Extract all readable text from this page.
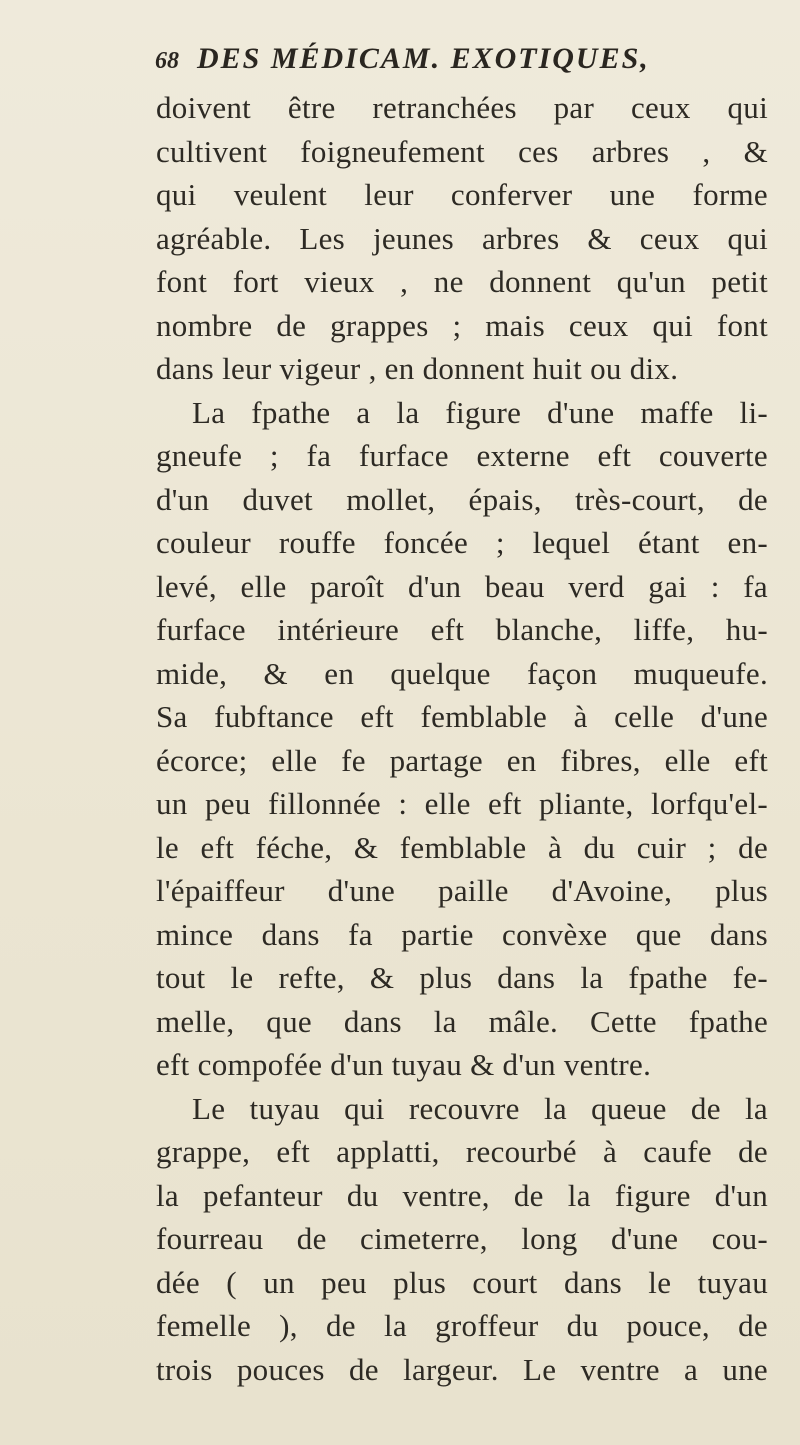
68 DES MÉDICAM. EXOTIQUES,
doivent être retranchées par ceux qui
cultivent foigneufement ces arbres , &
qui veulent leur conferver une forme
agréable. Les jeunes arbres & ceux qui
font fort vieux , ne donnent qu'un petit
nombre de grappes ; mais ceux qui font
dans leur vigeur , en donnent huit ou dix.
La fpathe a la figure d'une maffe li-
gneufe ; fa furface externe eft couverte
d'un duvet mollet, épais, très-court, de
couleur rouffe foncée ; lequel étant en-
levé, elle paroît d'un beau verd gai : fa
furface intérieure eft blanche, liffe, hu-
mide, & en quelque façon muqueufe.
Sa fubftance eft femblable à celle d'une
écorce; elle fe partage en fibres, elle eft
un peu fillonnée : elle eft pliante, lorfqu'el-
le eft féche, & femblable à du cuir ; de
l'épaiffeur d'une paille d'Avoine, plus
mince dans fa partie convèxe que dans
tout le refte, & plus dans la fpathe fe-
melle, que dans la mâle. Cette fpathe
eft compofée d'un tuyau & d'un ventre.
Le tuyau qui recouvre la queue de la
grappe, eft applatti, recourbé à caufe de
la pefanteur du ventre, de la figure d'un
fourreau de cimeterre, long d'une cou-
dée ( un peu plus court dans le tuyau
femelle ), de la groffeur du pouce, de
trois pouces de largeur. Le ventre a une
